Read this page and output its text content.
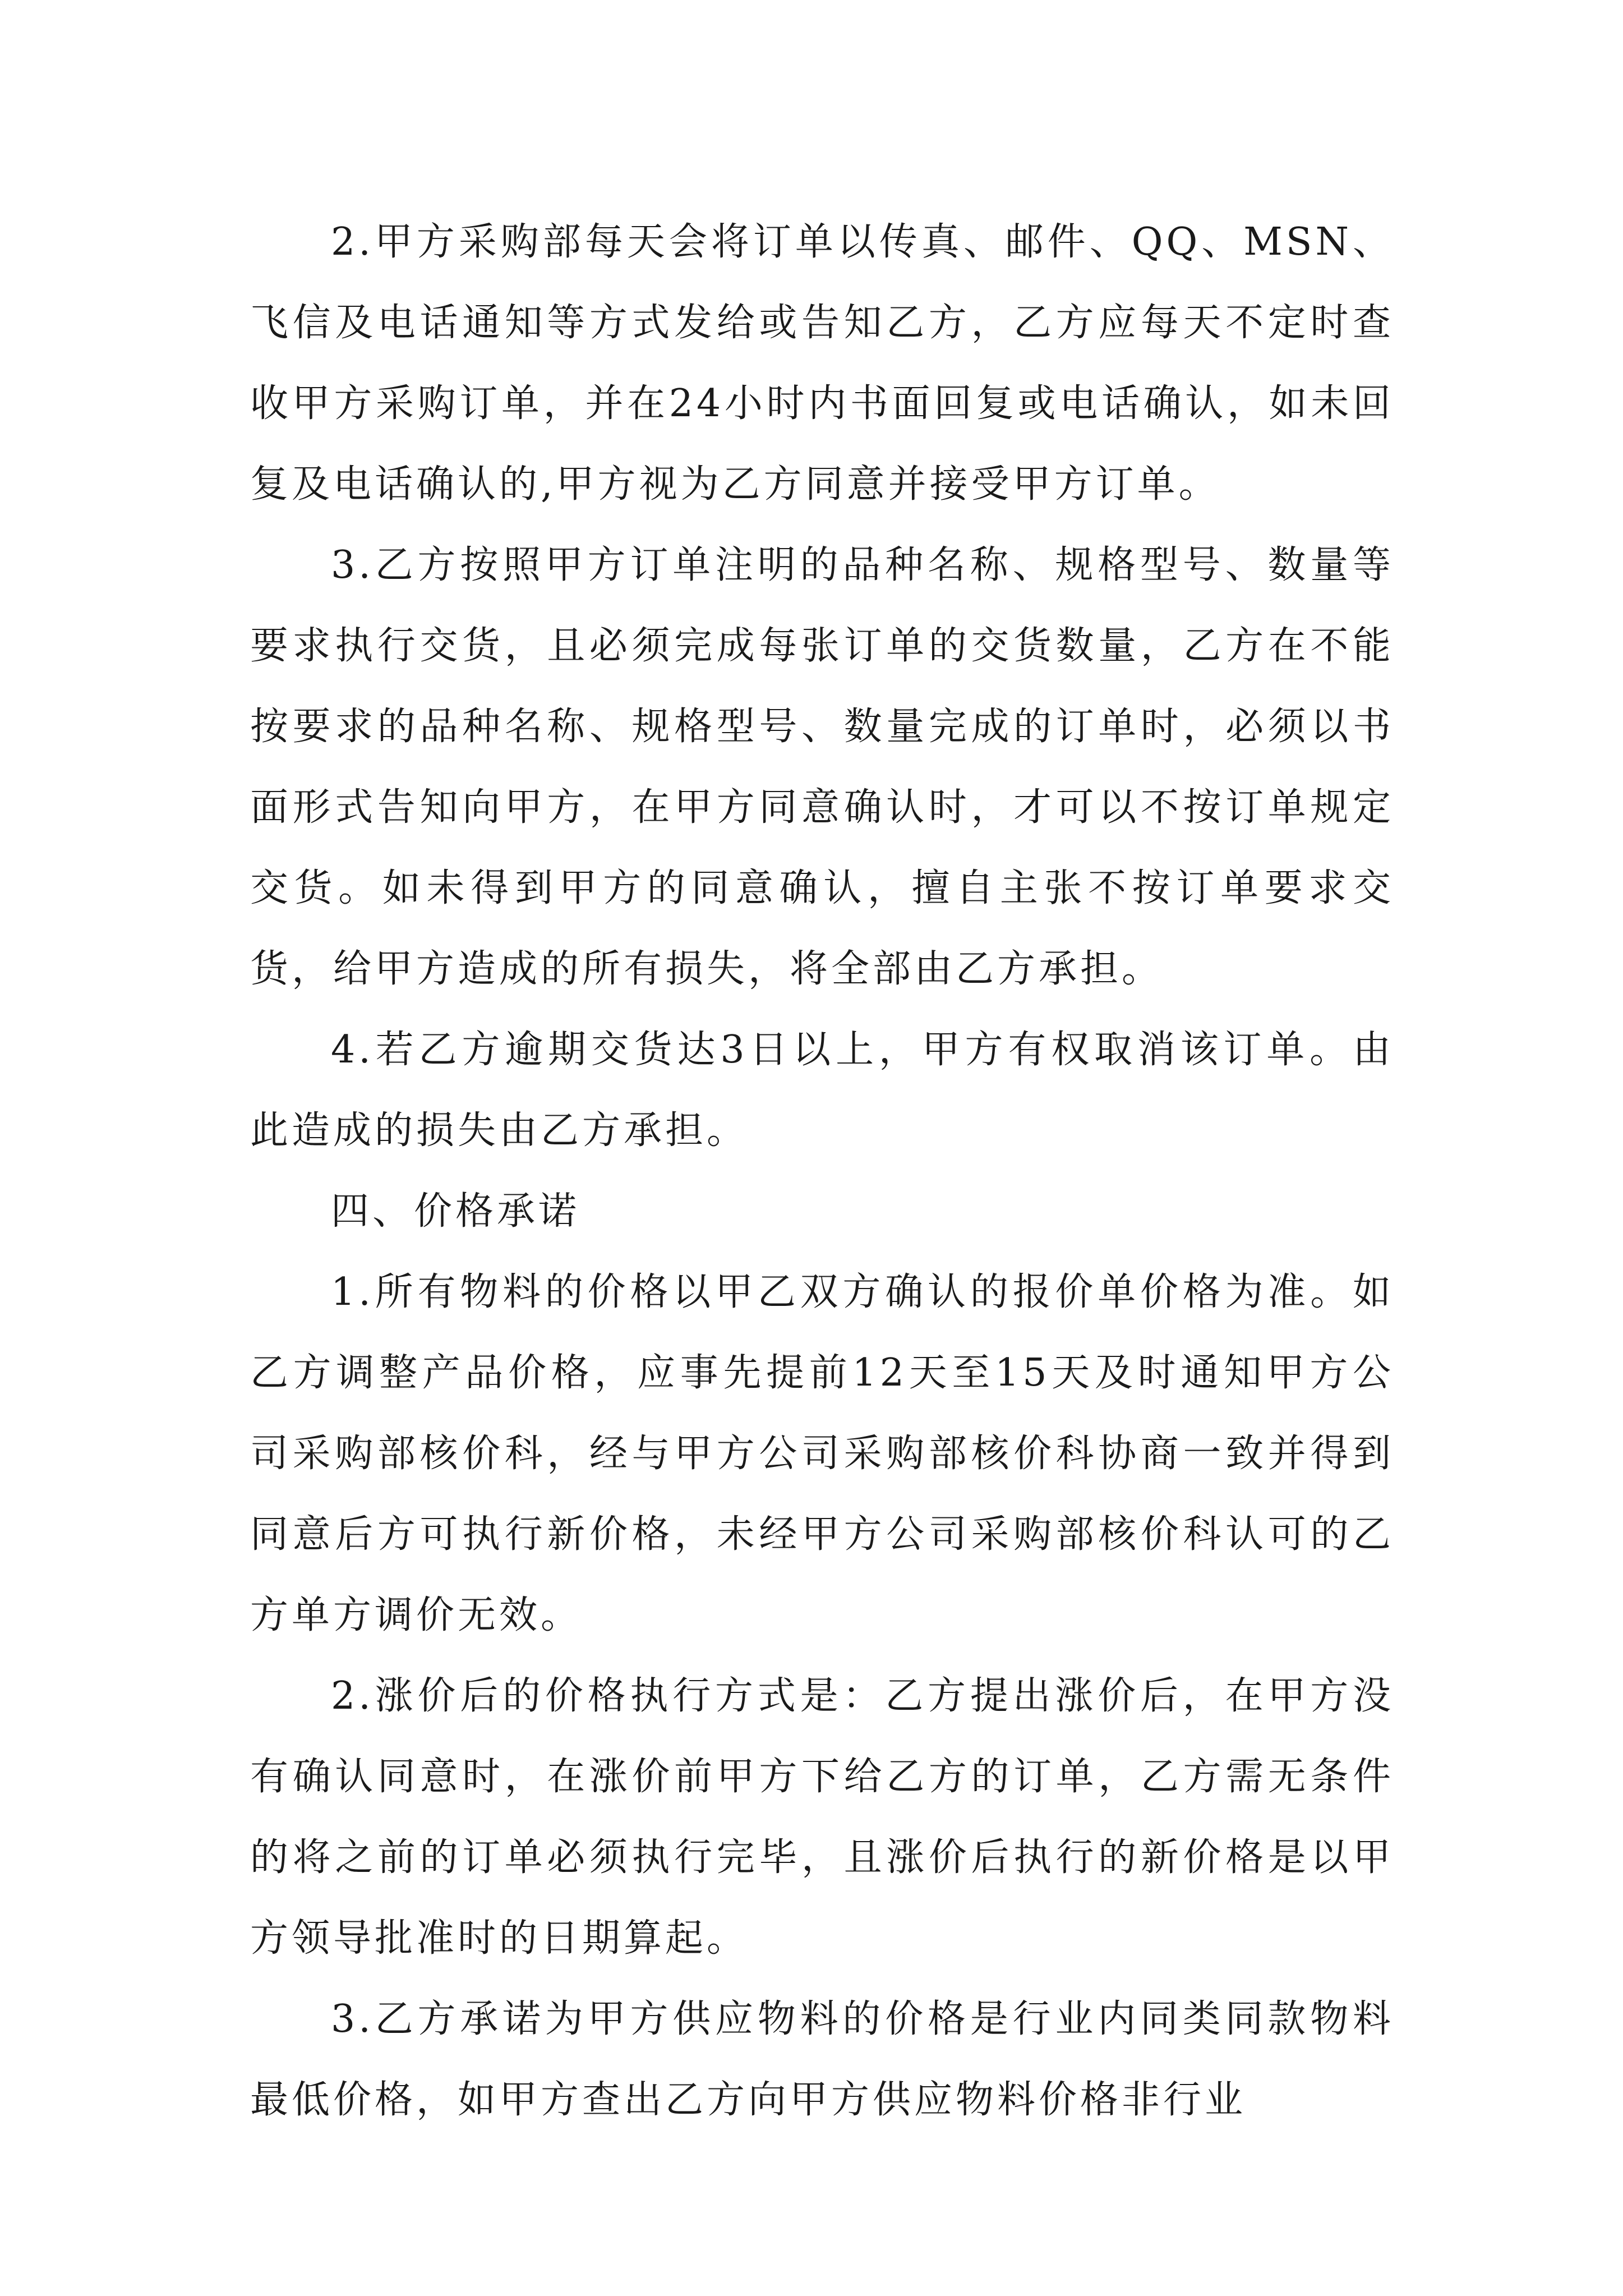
2.甲方采购部每天会将订单以传真、邮件、QQ、MSN、飞信及电话通知等方式发给或告知乙方，乙方应每天不定时查收甲方采购订单，并在24小时内书面回复或电话确认，如未回复及电话确认的,甲方视为乙方同意并接受甲方订单。

3.乙方按照甲方订单注明的品种名称、规格型号、数量等要求执行交货，且必须完成每张订单的交货数量，乙方在不能按要求的品种名称、规格型号、数量完成的订单时，必须以书面形式告知向甲方，在甲方同意确认时，才可以不按订单规定交货。如未得到甲方的同意确认，擅自主张不按订单要求交货，给甲方造成的所有损失，将全部由乙方承担。

4.若乙方逾期交货达3日以上，甲方有权取消该订单。由此造成的损失由乙方承担。

四、价格承诺

1.所有物料的价格以甲乙双方确认的报价单价格为准。如乙方调整产品价格，应事先提前12天至15天及时通知甲方公司采购部核价科，经与甲方公司采购部核价科协商一致并得到同意后方可执行新价格，未经甲方公司采购部核价科认可的乙方单方调价无效。

2.涨价后的价格执行方式是：乙方提出涨价后，在甲方没有确认同意时，在涨价前甲方下给乙方的订单，乙方需无条件的将之前的订单必须执行完毕，且涨价后执行的新价格是以甲方领导批准时的日期算起。

3.乙方承诺为甲方供应物料的价格是行业内同类同款物料最低价格，如甲方查出乙方向甲方供应物料价格非行业
